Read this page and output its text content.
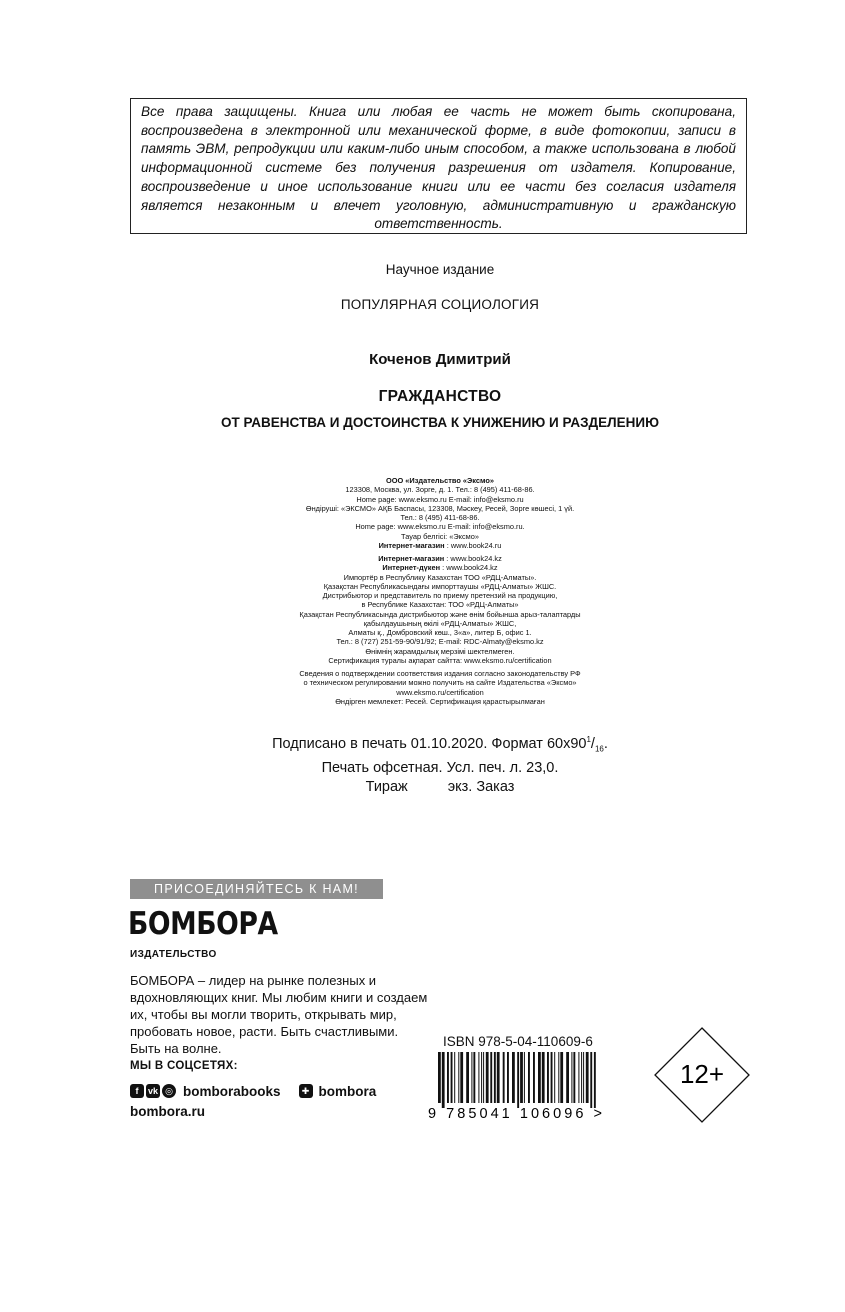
Все права защищены. Книга или любая ее часть не может быть скопирована, воспроизведена в электронной или механической форме, в виде фотокопии, записи в память ЭВМ, репродукции или каким-либо иным способом, а также использована в любой информационной системе без получения разрешения от издателя. Копирование, воспроизведение и иное использование книги или ее части без согласия издателя является незаконным и влечет уголовную, административную и гражданскую ответственность.
Научное издание
ПОПУЛЯРНАЯ СОЦИОЛОГИЯ
Коченов Димитрий
ГРАЖДАНСТВО
ОТ РАВЕНСТВА И ДОСТОИНСТВА К УНИЖЕНИЮ И РАЗДЕЛЕНИЮ
ООО «Издательство «Эксмо»
123308, Москва, ул. Зорге, д. 1. Тел.: 8 (495) 411-68-86.
Home page: www.eksmo.ru E-mail: info@eksmo.ru
Өндіруші: «ЭКСМО» АҚБ Баспасы, 123308, Мәскеу, Ресей, Зорге көшесі, 1 үй.
Тел.: 8 (495) 411-68-86.
Home page: www.eksmo.ru E-mail: info@eksmo.ru.
Тауар белгісі: «Эксмо»
Интернет-магазин : www.book24.ru
Интернет-магазин : www.book24.kz
Интернет-дүкен : www.book24.kz
Импортёр в Республику Казахстан ТОО «РДЦ-Алматы».
Қазақстан Республикасындағы импорттаушы «РДЦ-Алматы» ЖШС.
Дистрибьютор и представитель по приему претензий на продукцию,
в Республике Казахстан: ТОО «РДЦ-Алматы»
Қазақстан Республикасында дистрибьютор және өнім бойынша арыз-талаптарды
қабылдаушының өкілі «РДЦ-Алматы» ЖШС,
Алматы қ., Домбровский көш., 3«а», литер Б, офис 1.
Тел.: 8 (727) 251-59-90/91/92; E-mail: RDC-Almaty@eksmo.kz
Өнімнің жарамдылық мерзімі шектелмеген.
Сертификация туралы ақпарат сайтта: www.eksmo.ru/certification
Сведения о подтверждении соответствия издания согласно законодательству РФ
о техническом регулировании можно получить на сайте Издательства «Эксмо»
www.eksmo.ru/certification
Өндірген мемлекет: Ресей. Сертификация қарастырылмаған
Подписано в печать 01.10.2020. Формат $60х90^1/_{16}$.
Печать офсетная. Усл. печ. л. 23,0.
Тираж	экз. Заказ
ПРИСОЕДИНЯЙТЕСЬ К НАМ!
БОМБОРА
ИЗДАТЕЛЬСТВО
БОМБОРА – лидер на рынке полезных и вдохновляющих книг. Мы любим книги и создаем их, чтобы вы могли творить, открывать мир, пробовать новое, расти. Быть счастливыми. Быть на волне.
МЫ В СОЦСЕТЯХ:
f	vk ◎ bomborabooks	✚ bombora
bombora.ru
ISBN 978-5-04-110609-6
9 785041 106096 >
12+
